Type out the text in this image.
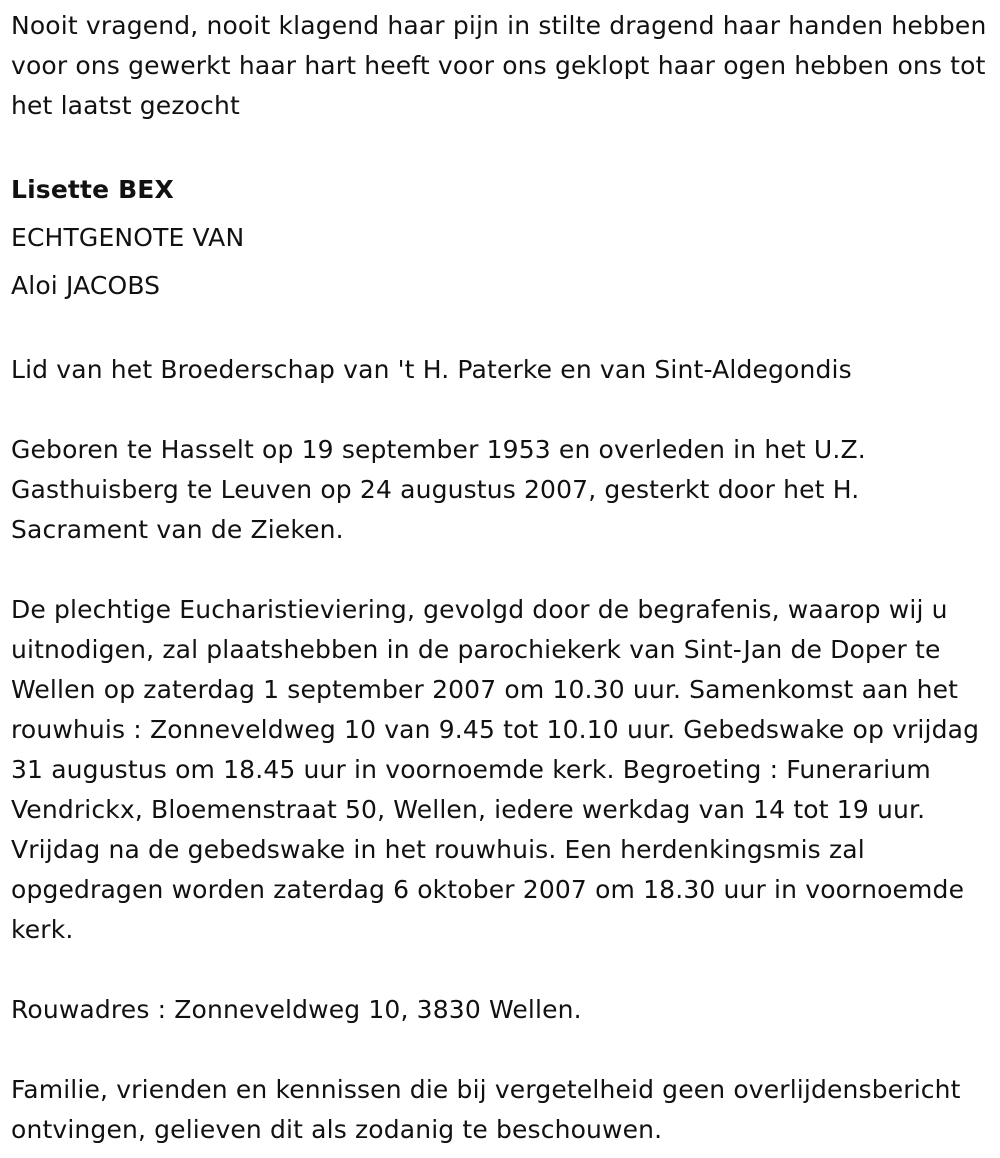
Nooit vragend, nooit klagend haar pijn in stilte dragend haar handen hebben voor ons gewerkt haar hart heeft voor ons geklopt haar ogen hebben ons tot het laatst gezocht

Lisette BEX

ECHTGENOTE VAN

Aloi JACOBS

Lid van het Broederschap van 't H. Paterke en van Sint-Aldegondis

Geboren te Hasselt op 19 september 1953 en overleden in het U.Z. Gasthuisberg te Leuven op 24 augustus 2007, gesterkt door het H. Sacrament van de Zieken.

De plechtige Eucharistieviering, gevolgd door de begrafenis, waarop wij u uitnodigen, zal plaatshebben in de parochiekerk van Sint-Jan de Doper te Wellen op zaterdag 1 september 2007 om 10.30 uur. Samenkomst aan het rouwhuis : Zonneveldweg 10 van 9.45 tot 10.10 uur. Gebedswake op vrijdag 31 augustus om 18.45 uur in voornoemde kerk. Begroeting : Funerarium Vendrickx, Bloemenstraat 50, Wellen, iedere werkdag van 14 tot 19 uur. Vrijdag na de gebedswake in het rouwhuis. Een herdenkingsmis zal opgedragen worden zaterdag 6 oktober 2007 om 18.30 uur in voornoemde kerk.

Rouwadres : Zonneveldweg 10, 3830 Wellen.

Familie, vrienden en kennissen die bij vergetelheid geen overlijdensbericht ontvingen, gelieven dit als zodanig te beschouwen.
